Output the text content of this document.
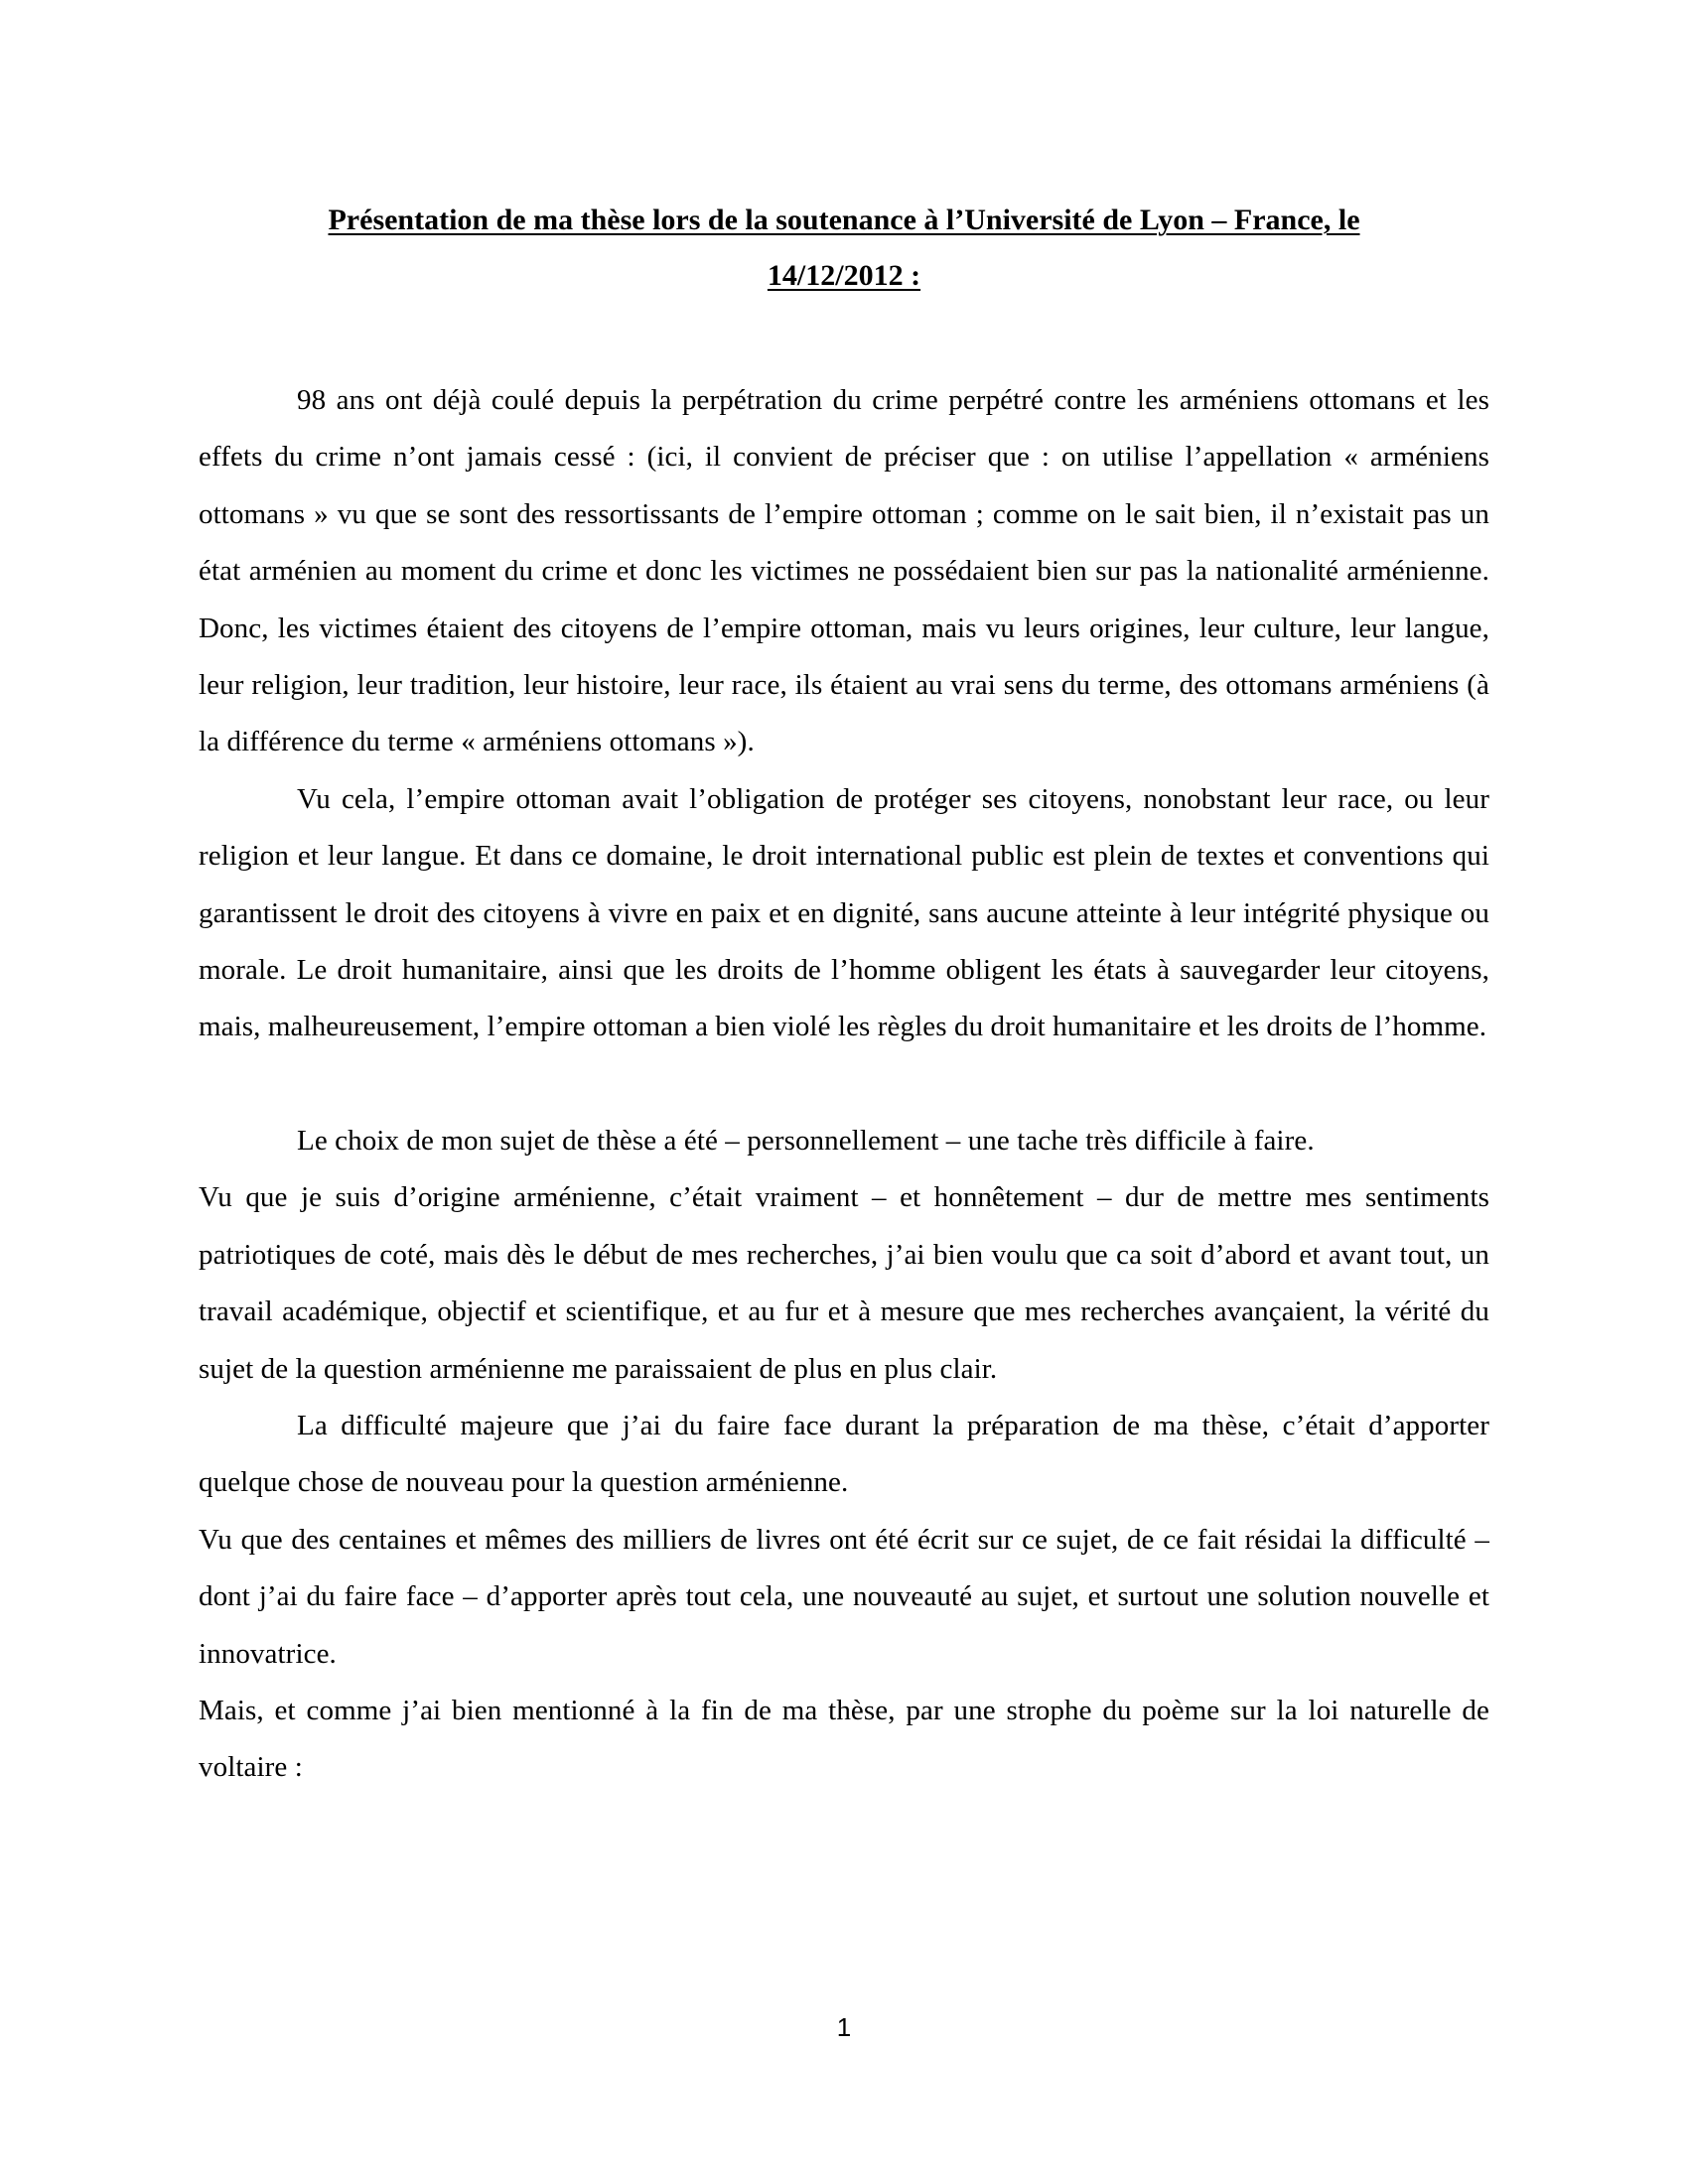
Présentation de ma thèse lors de la soutenance à l’Université de Lyon – France, le
14/12/2012 :

98 ans ont déjà coulé depuis la perpétration du crime perpétré contre les arméniens ottomans et les effets du crime n’ont jamais cessé : (ici, il convient de préciser que : on utilise l’appellation « arméniens ottomans » vu que se sont des ressortissants de l’empire ottoman ; comme on le sait bien, il n’existait pas un état arménien au moment du crime et donc les victimes ne possédaient bien sur pas la nationalité arménienne. Donc, les victimes étaient des citoyens de l’empire ottoman, mais vu leurs origines, leur culture, leur langue, leur religion, leur tradition, leur histoire, leur race, ils étaient au vrai sens du terme, des ottomans arméniens (à la différence du terme « arméniens ottomans »).

Vu cela, l’empire ottoman avait l’obligation de protéger ses citoyens, nonobstant leur race, ou leur religion et leur langue. Et dans ce domaine, le droit international public est plein de textes et conventions qui garantissent le droit des citoyens à vivre en paix et en dignité, sans aucune atteinte à leur intégrité physique ou morale. Le droit humanitaire, ainsi que les droits de l’homme obligent les états à sauvegarder leur citoyens, mais, malheureusement, l’empire ottoman a bien violé les règles du droit humanitaire et les droits de l’homme.

Le choix de mon sujet de thèse a été – personnellement – une tache très difficile à faire.

Vu que je suis d’origine arménienne, c’était vraiment – et honnêtement – dur de mettre mes sentiments patriotiques de coté, mais dès le début de mes recherches, j’ai bien voulu que ca soit d’abord et avant tout, un travail académique, objectif et scientifique, et au fur et à mesure que mes recherches avançaient, la vérité du sujet de la question arménienne me paraissaient de plus en plus clair.

La difficulté majeure que j’ai du faire face durant la préparation de ma thèse, c’était d’apporter quelque chose de nouveau pour la question arménienne.

Vu que des centaines et mêmes des milliers de livres ont été écrit sur ce sujet, de ce fait résidai la difficulté – dont j’ai du faire face – d’apporter après tout cela, une nouveauté au sujet, et surtout une solution nouvelle et innovatrice.

Mais, et comme j’ai bien mentionné à la fin de ma thèse, par une strophe du poème sur la loi naturelle de voltaire :

1
